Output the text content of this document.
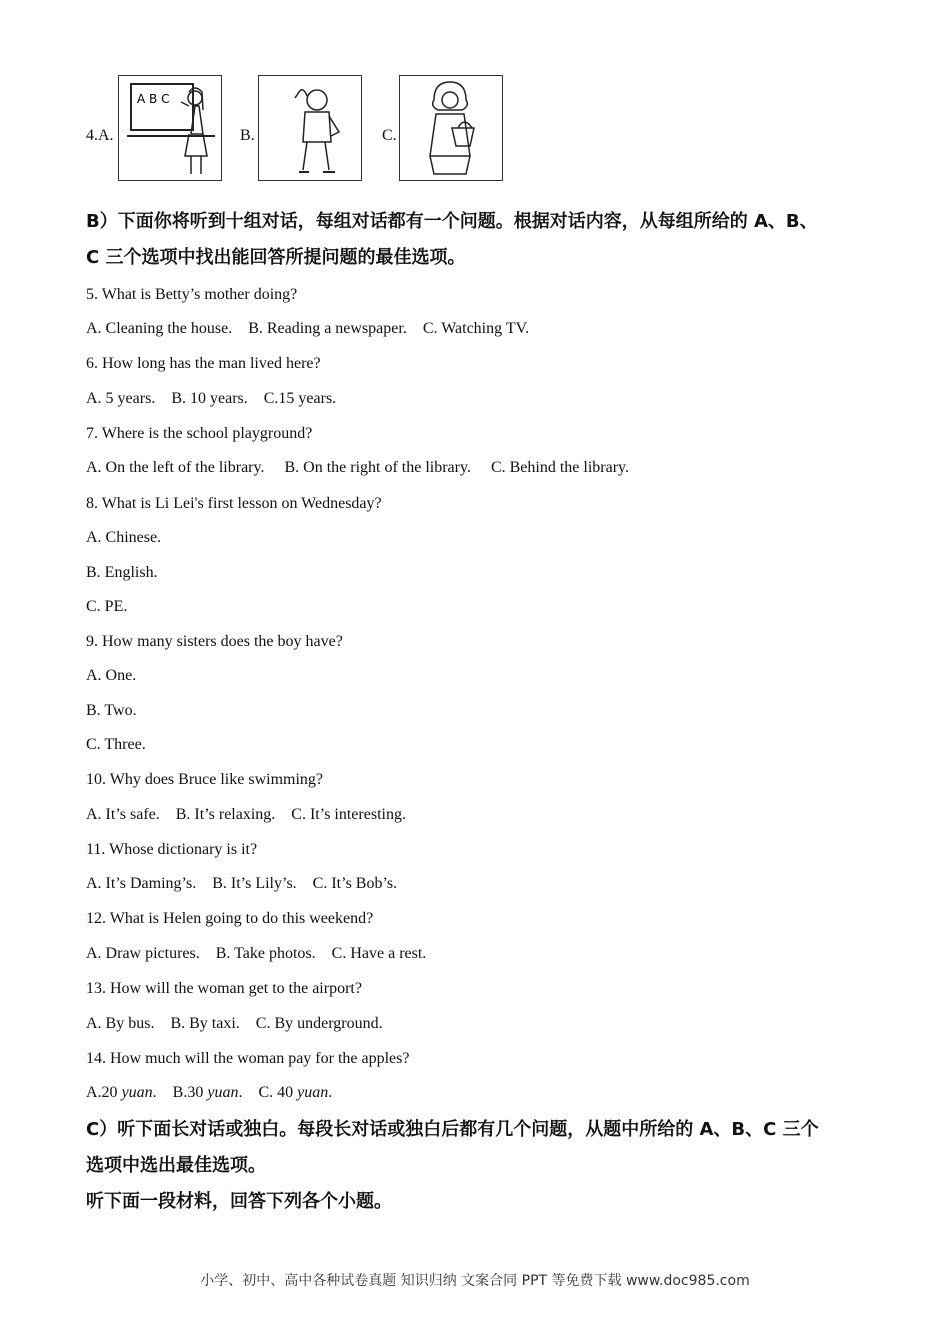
4.A.
A B C
B.	C.
B）下面你将听到十组对话，每组对话都有一个问题。根据对话内容，从每组所给的 A、B、
C 三个选项中找出能回答所提问题的最佳选项。
5. What is Betty’s mother doing?
A. Cleaning the house.    B. Reading a newspaper.    C. Watching TV.
6. How long has the man lived here?
A. 5 years.    B. 10 years.    C.15 years.
7. Where is the school playground?
A. On the left of the library.     B. On the right of the library.     C. Behind the library.
8. What is Li Lei's first lesson on Wednesday?
A. Chinese.
B. English.
C. PE.
9. How many sisters does the boy have?
A. One.
B. Two.
C. Three.
10. Why does Bruce like swimming?
A. It’s safe.    B. It’s relaxing.    C. It’s interesting.
11. Whose dictionary is it?
A. It’s Daming’s.    B. It’s Lily’s.    C. It’s Bob’s.
12. What is Helen going to do this weekend?
A. Draw pictures.    B. Take photos.    C. Have a rest.
13. How will the woman get to the airport?
A. By bus.    B. By taxi.    C. By underground.
14. How much will the woman pay for the apples?
A.20 yuan.    B.30 yuan.    C. 40 yuan.
C）听下面长对话或独白。每段长对话或独白后都有几个问题，从题中所给的 A、B、C 三个
选项中选出最佳选项。
听下面一段材料，回答下列各个小题。
小学、初中、高中各种试卷真题 知识归纳 文案合同 PPT 等免费下载 www.doc985.com
